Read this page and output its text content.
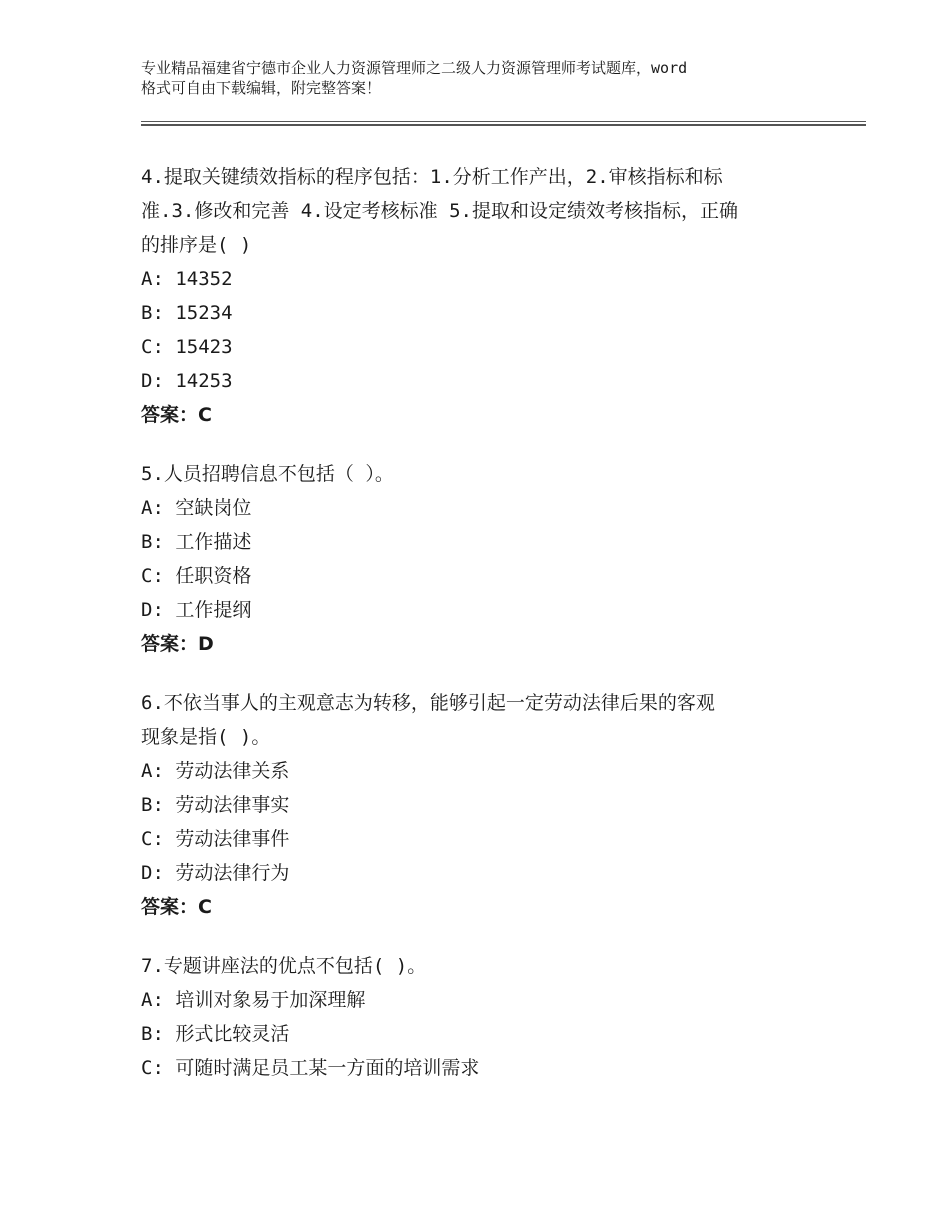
专业精品福建省宁德市企业人力资源管理师之二级人力资源管理师考试题库，word
格式可自由下载编辑，附完整答案！
4.提取关键绩效指标的程序包括：1.分析工作产出，2.审核指标和标
准.3.修改和完善 4.设定考核标准 5.提取和设定绩效考核指标，正确
的排序是( )
A: 14352
B: 15234
C: 15423
D: 14253
答案：C
5.人员招聘信息不包括（ ）。
A: 空缺岗位
B: 工作描述
C: 任职资格
D: 工作提纲
答案：D
6.不依当事人的主观意志为转移，能够引起一定劳动法律后果的客观
现象是指( )。
A: 劳动法律关系
B: 劳动法律事实
C: 劳动法律事件
D: 劳动法律行为
答案：C
7.专题讲座法的优点不包括( )。
A: 培训对象易于加深理解
B: 形式比较灵活
C: 可随时满足员工某一方面的培训需求
